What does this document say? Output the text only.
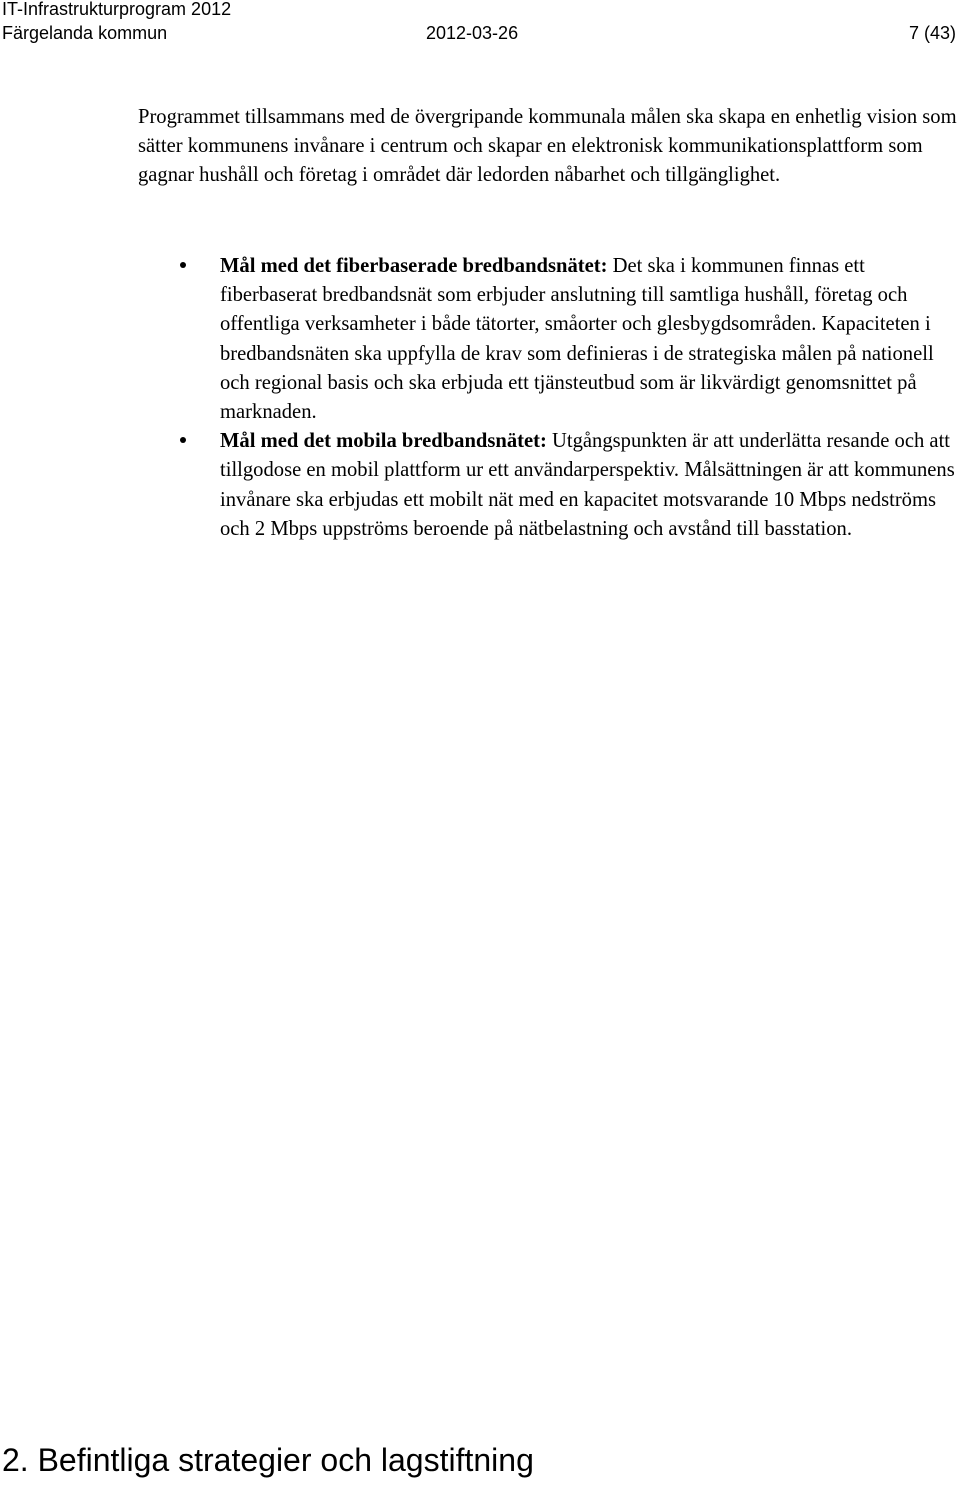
IT-Infrastrukturprogram 2012
Färgelanda kommun	2012-03-26	7 (43)

Programmet tillsammans med de övergripande kommunala målen ska skapa en enhetlig vision som sätter kommunens invånare i centrum och skapar en elektronisk kommunikationsplattform som gagnar hushåll och företag i området där ledorden nåbarhet och tillgänglighet.

Mål med det fiberbaserade bredbandsnätet: Det ska i kommunen finnas ett fiberbaserat bredbandsnät som erbjuder anslutning till samtliga hushåll, företag och offentliga verksamheter i både tätorter, småorter och glesbygdsområden. Kapaciteten i bredbandsnäten ska uppfylla de krav som definieras i de strategiska målen på nationell och regional basis och ska erbjuda ett tjänsteutbud som är likvärdigt genomsnittet på marknaden.
Mål med det mobila bredbandsnätet: Utgångspunkten är att underlätta resande och att tillgodose en mobil plattform ur ett användarperspektiv. Målsättningen är att kommunens invånare ska erbjudas ett mobilt nät med en kapacitet motsvarande 10 Mbps nedströms och 2 Mbps uppströms beroende på nätbelastning och avstånd till basstation.
2. Befintliga strategier och lagstiftning
